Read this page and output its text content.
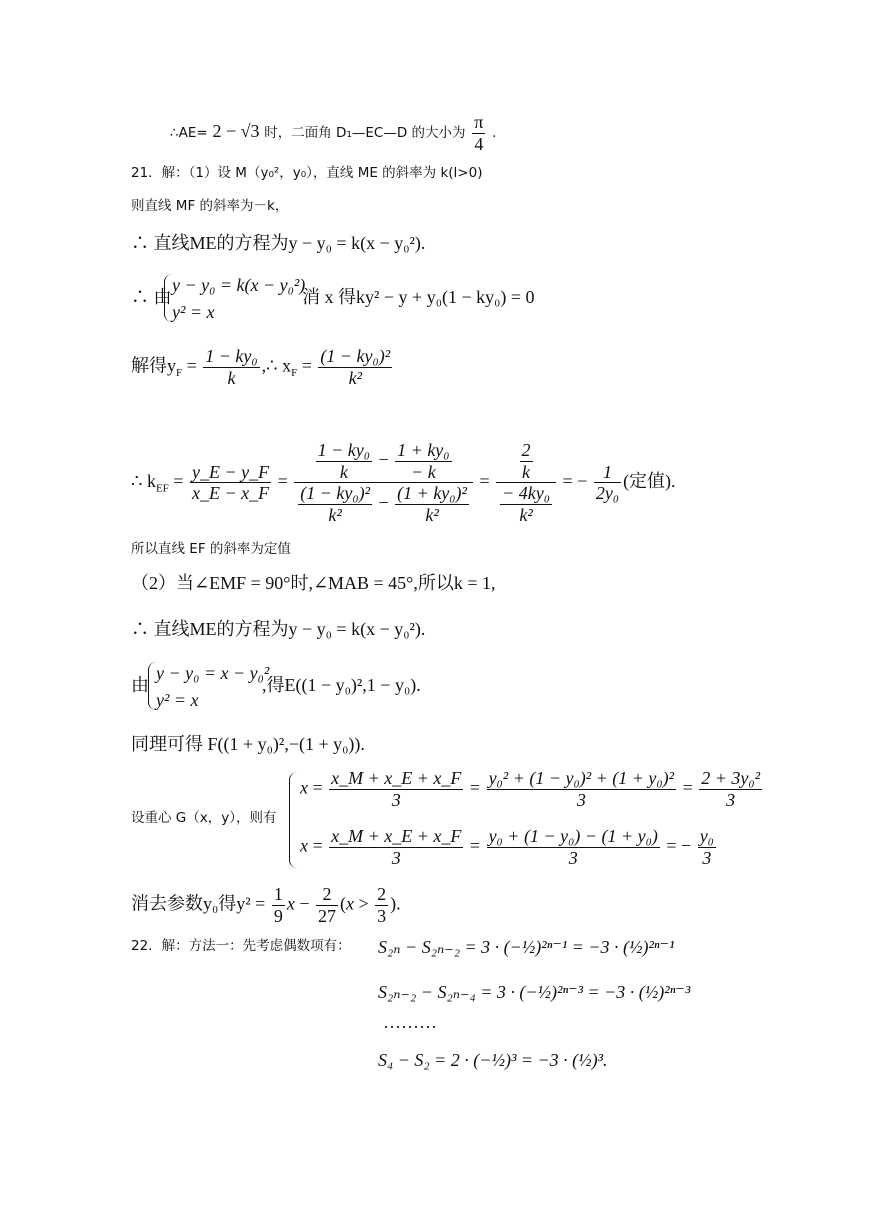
∴AE= 2 − √3 时，二面角 D₁—EC—D 的大小为 $\frac{\pi}{4}$ .
21．解：（1）设 M（y₀²，y₀），直线 ME 的斜率为 k(l>0)
则直线 MF 的斜率为－k，
∴ 直线ME的方程为y − y₀ = k(x − y₀²).
∴ 由
y − y₀ = k(x − y₀²)
y² = x
消 x 得ky² − y + y₀(1 − ky₀) = 0
解得$y_F = \frac{\text{1 − ky₀}}{k}$ ,∴ $x_F = \frac{\text{(1 − ky₀)²}}{\text{k²}}$
∴ $k_{EF} = \frac{y\_E - y\_F}{x\_E - x\_F} = \frac{\frac{\text{1 − ky₀}}{k} - \frac{\text{1 + ky₀}}{- k}}{\frac{\text{(1 − ky₀)²}}{\text{k²}} - \frac{\text{(1 + ky₀)²}}{\text{k²}}} = \frac{\frac{2}{k}}{\frac{\text{− 4ky₀}}{\text{k²}}}$ = − $\frac{1}{\text{2y₀}}$ (定值).
所以直线 EF 的斜率为定值
（2）当∠EMF = 90°时,∠MAB = 45°,所以k = 1,
∴ 直线ME的方程为y − y₀ = k(x − y₀²).
由
y − y₀ = x − y₀²
y² = x
,得E((1 − y₀)²,1 − y₀).
同理可得 F((1 + y₀)²,−(1 + y₀)).
设重心 G（x，y），则有
$x = \frac{x\_M + x\_E + x\_F}{3} = \frac{\text{y₀² + (1 − y₀)² + (1 + y₀)²}}{3} = \frac{\text{2 + 3y₀²}}{3}$
$x = \frac{x\_M + x\_E + x\_F}{3} = \frac{\text{y₀ + (1 − y₀) − (1 + y₀)}}{3}$ = − $\frac{\text{y₀}}{3}$
消去参数y₀得$y^2 = \frac{1}{9}$ $x - \frac{2}{27} (x > \frac{2}{3}$ ).
22．解：方法一：先考虑偶数项有： S₂ₙ − S₂ₙ₋₂ = 3 · (−½)²ⁿ⁻¹ = −3 · (½)²ⁿ⁻¹
S₂ₙ₋₂ − S₂ₙ₋₄ = 3 · (−½)²ⁿ⁻³ = −3 · (½)²ⁿ⁻³
·········
S₄ − S₂ = 2 · (−½)³ = −3 · (½)³.
